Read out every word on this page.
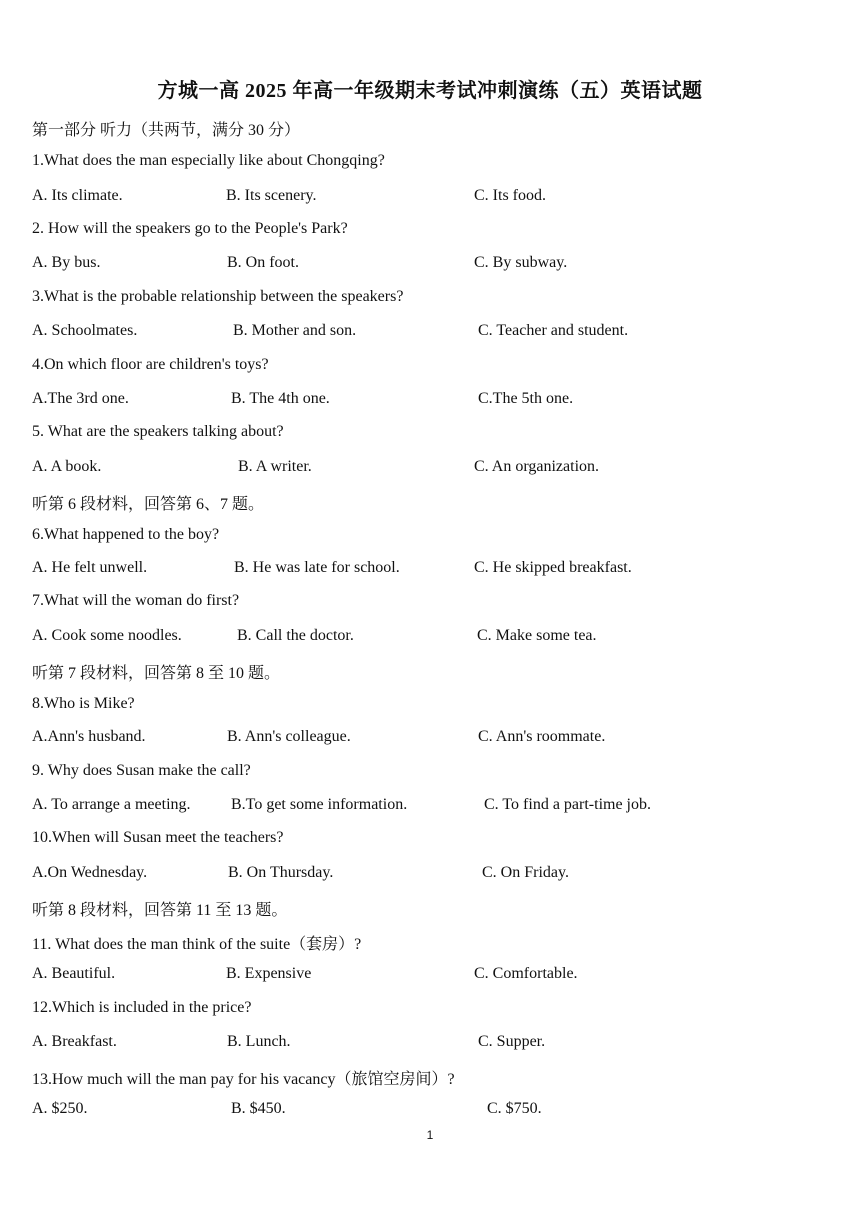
方城一高 2025 年高一年级期末考试冲刺演练（五）英语试题
第一部分 听力（共两节，满分 30 分）
1.What does the man especially like about Chongqing?
A. Its climate.	B. Its scenery.	C. Its food.
2. How will the speakers go to the People's Park?
A. By bus.	B. On foot.	C. By subway.
3.What is the probable relationship between the speakers?
A. Schoolmates.	B. Mother and son.	C. Teacher and student.
4.On which floor are children's toys?
A.The 3rd one.	B. The 4th one.	C.The 5th one.
5. What are the speakers talking about?
A. A book.	B. A writer.	C. An organization.
听第 6 段材料，回答第 6、7 题。
6.What happened to the boy?
A. He felt unwell.	B. He was late for school.	C. He skipped breakfast.
7.What will the woman do first?
A. Cook some noodles.	B. Call the doctor.	C. Make some tea.
听第 7 段材料，回答第 8 至 10 题。
8.Who is Mike?
A.Ann's husband.	B. Ann's colleague.	C. Ann's roommate.
9. Why does Susan make the call?
A. To arrange a meeting.	B.To get some information.	C. To find a part-time job.
10.When will Susan meet the teachers?
A.On Wednesday.	B. On Thursday.	C. On Friday.
听第 8 段材料，回答第 11 至 13 题。
11. What does the man think of the suite（套房）?
A. Beautiful.	B. Expensive	C. Comfortable.
12.Which is included in the price?
A. Breakfast.	B. Lunch.	C. Supper.
13.How much will the man pay for his vacancy（旅馆空房间）?
A. $250.	B. $450.	C. $750.
1
